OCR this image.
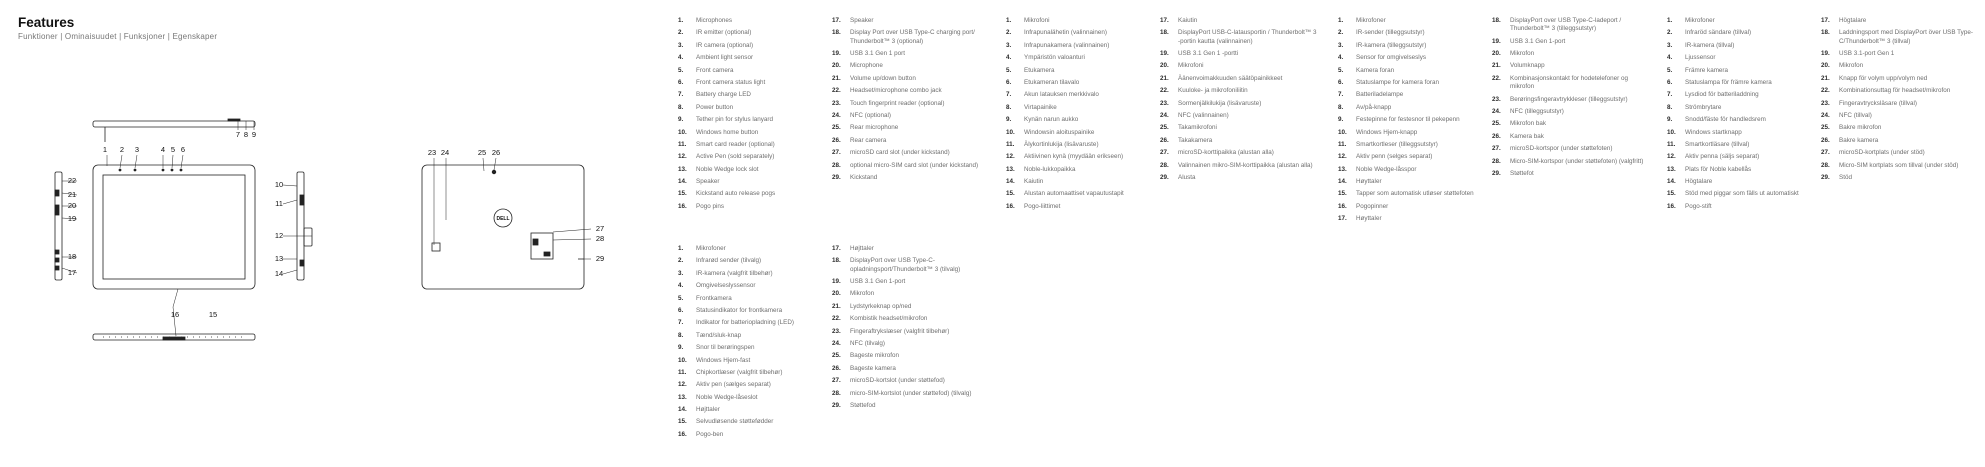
Features
Funktioner | Ominaisuudet | Funksjoner | Egenskaper
1 2 3	4 5 6
7 8 9
22
21
20
19
18
17
10
11
12
13
14
16	15
23 24	25 26
27
28
29
DELL
1.	Microphones
2.	IR emitter (optional)
3.	IR camera (optional)
4.	Ambient light sensor
5.	Front camera
6.	Front camera status light
7.	Battery charge LED
8.	Power button
9.	Tether pin for stylus lanyard
10.	Windows home button
11.	Smart card reader (optional)
12.	Active Pen (sold separately)
13.	Noble Wedge lock slot
14.	Speaker
15.	Kickstand auto release pogs
16.	Pogo pins
17.	Speaker
18.	Display Port over USB Type-C charging port/ Thunderbolt™ 3 (optional)
19.	USB 3.1 Gen 1 port
20.	Microphone
21.	Volume up/down button
22.	Headset/microphone combo jack
23.	Touch fingerprint reader (optional)
24.	NFC (optional)
25.	Rear microphone
26.	Rear camera
27.	microSD card slot (under kickstand)
28.	optional micro-SIM card slot (under kickstand)
29.	Kickstand
1.	Mikrofoner
2.	Infrarød sender (tilvalg)
3.	IR-kamera (valgfrit tilbehør)
4.	Omgivelseslyssensor
5.	Frontkamera
6.	Statusindikator for frontkamera
7.	Indikator for batteriopladning (LED)
8.	Tænd/sluk-knap
9.	Snor til berøringspen
10.	Windows Hjem-fast
11.	Chipkortlæser (valgfrit tilbehør)
12.	Aktiv pen (sælges separat)
13.	Noble Wedge-låseslot
14.	Højttaler
15.	Selvudløsende støttefødder
16.	Pogo-ben
17.	Højttaler
18.	DisplayPort over USB Type-C-opladningsport/Thunderbolt™ 3 (tilvalg)
19.	USB 3.1 Gen 1-port
20.	Mikrofon
21.	Lydstyrkeknap op/ned
22.	Kombistik headset/mikrofon
23.	Fingeraftrykslæser (valgfrit tilbehør)
24.	NFC (tilvalg)
25.	Bageste mikrofon
26.	Bageste kamera
27.	microSD-kortslot (under støttefod)
28.	micro-SIM-kortslot (under støttefod) (tilvalg)
29.	Støttefod
1.	Mikrofoni
2.	Infrapunalähetin (valinnainen)
3.	Infrapunakamera (valinnainen)
4.	Ympäristön valoanturi
5.	Etukamera
6.	Etukameran tilavalo
7.	Akun latauksen merkkivalo
8.	Virtapainike
9.	Kynän narun aukko
10.	Windowsin aloituspainike
11.	Älykortinlukija (lisävaruste)
12.	Aktiivinen kynä (myydään erikseen)
13.	Noble-lukkopaikka
14.	Kaiutin
15.	Alustan automaattiset vapautustapit
16.	Pogo-liittimet
17.	Kaiutin
18.	DisplayPort USB-C-latausportin / Thunderbolt™ 3 -portin kautta (valinnainen)
19.	USB 3.1 Gen 1 -portti
20.	Mikrofoni
21.	Äänenvoimakkuuden säätöpainikkeet
22.	Kuuloke- ja mikrofoniliitin
23.	Sormenjälkilukija (lisävaruste)
24.	NFC (valinnainen)
25.	Takamikrofoni
26.	Takakamera
27.	microSD-korttipaikka (alustan alla)
28.	Valinnainen mikro-SIM-korttipaikka (alustan alla)
29.	Alusta
1.	Mikrofoner
2.	IR-sender (tilleggsutstyr)
3.	IR-kamera (tilleggsutstyr)
4.	Sensor for omgivelseslys
5.	Kamera foran
6.	Statuslampe for kamera foran
7.	Batteriladelampe
8.	Av/på-knapp
9.	Festepinne for festesnor til pekepenn
10.	Windows Hjem-knapp
11.	Smartkortleser (tilleggsutstyr)
12.	Aktiv penn (selges separat)
13.	Noble Wedge-låsspor
14.	Høyttaler
15.	Tapper som automatisk utløser støttefoten
16.	Pogopinner
17.	Høyttaler
18.	DisplayPort over USB Type-C-ladeport / Thunderbolt™ 3 (tilleggsutstyr)
19.	USB 3.1 Gen 1-port
20.	Mikrofon
21.	Volumknapp
22.	Kombinasjonskontakt for hodetelefoner og mikrofon
23.	Berøringsfingeravtrykkleser (tilleggsutstyr)
24.	NFC (tilleggsutstyr)
25.	Mikrofon bak
26.	Kamera bak
27.	microSD-kortspor (under støttefoten)
28.	Micro-SIM-kortspor (under støttefoten) (valgfritt)
29.	Støttefot
1.	Mikrofoner
2.	Infraröd sändare (tillval)
3.	IR-kamera (tillval)
4.	Ljussensor
5.	Främre kamera
6.	Statuslampa för främre kamera
7.	Lysdiod för batteriladdning
8.	Strömbrytare
9.	Snodd/fäste för handledsrem
10.	Windows startknapp
11.	Smartkortläsare (tillval)
12.	Aktiv penna (säljs separat)
13.	Plats för Noble kabellås
14.	Högtalare
15.	Stöd med piggar som fälls ut automatiskt
16.	Pogo-stift
17.	Högtalare
18.	Laddningsport med DisplayPort över USB Type-C/Thunderbolt™ 3 (tillval)
19.	USB 3.1-port Gen 1
20.	Mikrofon
21.	Knapp för volym upp/volym ned
22.	Kombinationsuttag för headset/mikrofon
23.	Fingeravtrycksläsare (tillval)
24.	NFC (tillval)
25.	Bakre mikrofon
26.	Bakre kamera
27.	microSD-kortplats (under stöd)
28.	Micro-SIM kortplats som tillval (under stöd)
29.	Stöd
